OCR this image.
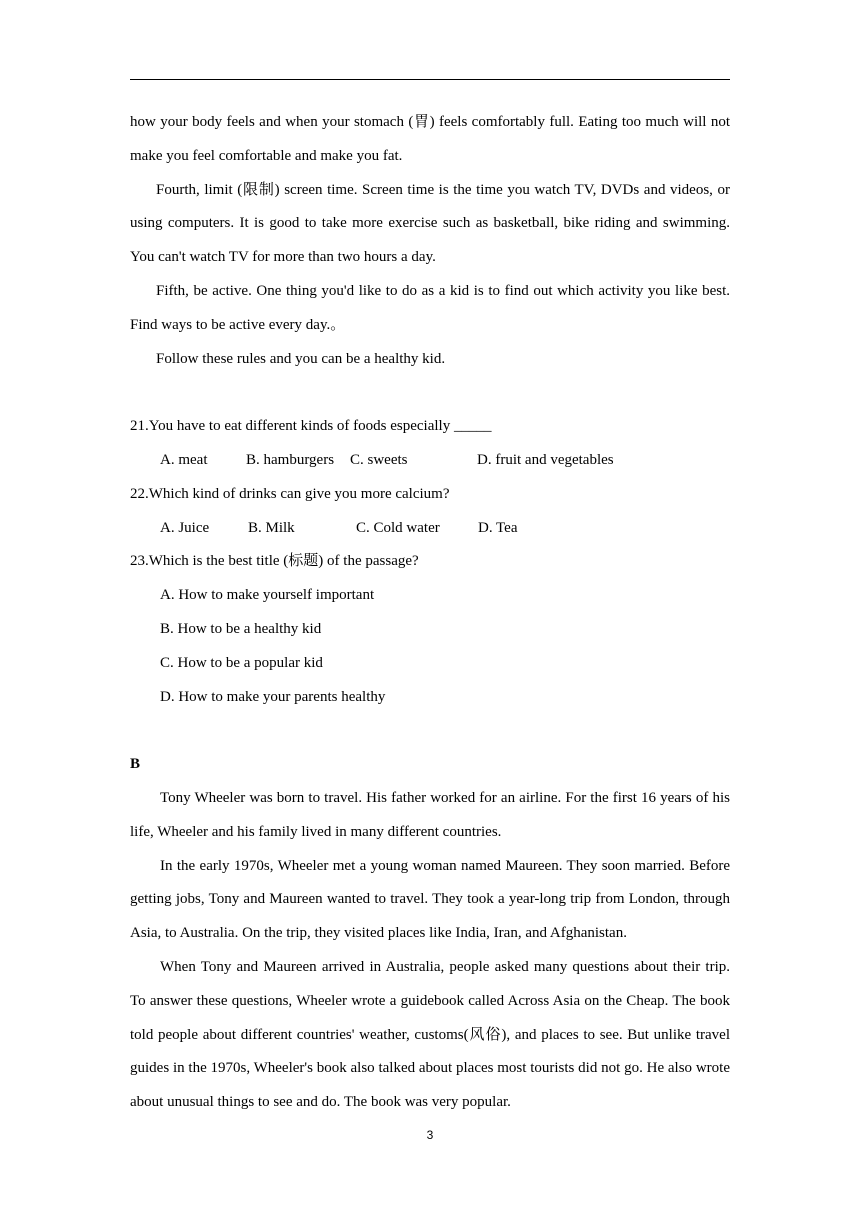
how your body feels and when your stomach (胃) feels comfortably full. Eating too much will not

make you feel comfortable and make you fat.

Fourth, limit (限制) screen time. Screen time is the time you watch TV, DVDs and videos, or using computers. It is good to take more exercise such as basketball, bike riding and swimming. You can't watch TV for more than two hours a day.

Fifth, be active. One thing you'd like to do as a kid is to find out which activity you like best. Find ways to be active every day.。

Follow these rules and you can be a healthy kid.

21.You have to eat different kinds of foods especially _____

A. meat	B. hamburgers	C. sweets	D. fruit and vegetables

22.Which kind of drinks can give you more calcium?

A. Juice	B. Milk	C. Cold water	D. Tea

23.Which is the best title (标题) of the passage?

A. How to make yourself important

B. How to be a healthy kid

C. How to be a popular kid

D. How to make your parents healthy

B

Tony Wheeler was born to travel. His father worked for an airline. For the first 16 years of his life, Wheeler and his family lived in many different countries.

In the early 1970s, Wheeler met a young woman named Maureen. They soon married. Before getting jobs, Tony and Maureen wanted to travel. They took a year-long trip from London, through Asia, to Australia. On the trip, they visited places like India, Iran, and Afghanistan.

When Tony and Maureen arrived in Australia, people asked many questions about their trip. To answer these questions, Wheeler wrote a guidebook called Across Asia on the Cheap. The book told people about different countries' weather, customs(风俗), and places to see. But unlike travel guides in the 1970s, Wheeler's book also talked about places most tourists did not go. He also wrote about unusual things to see and do. The book was very popular.

3
